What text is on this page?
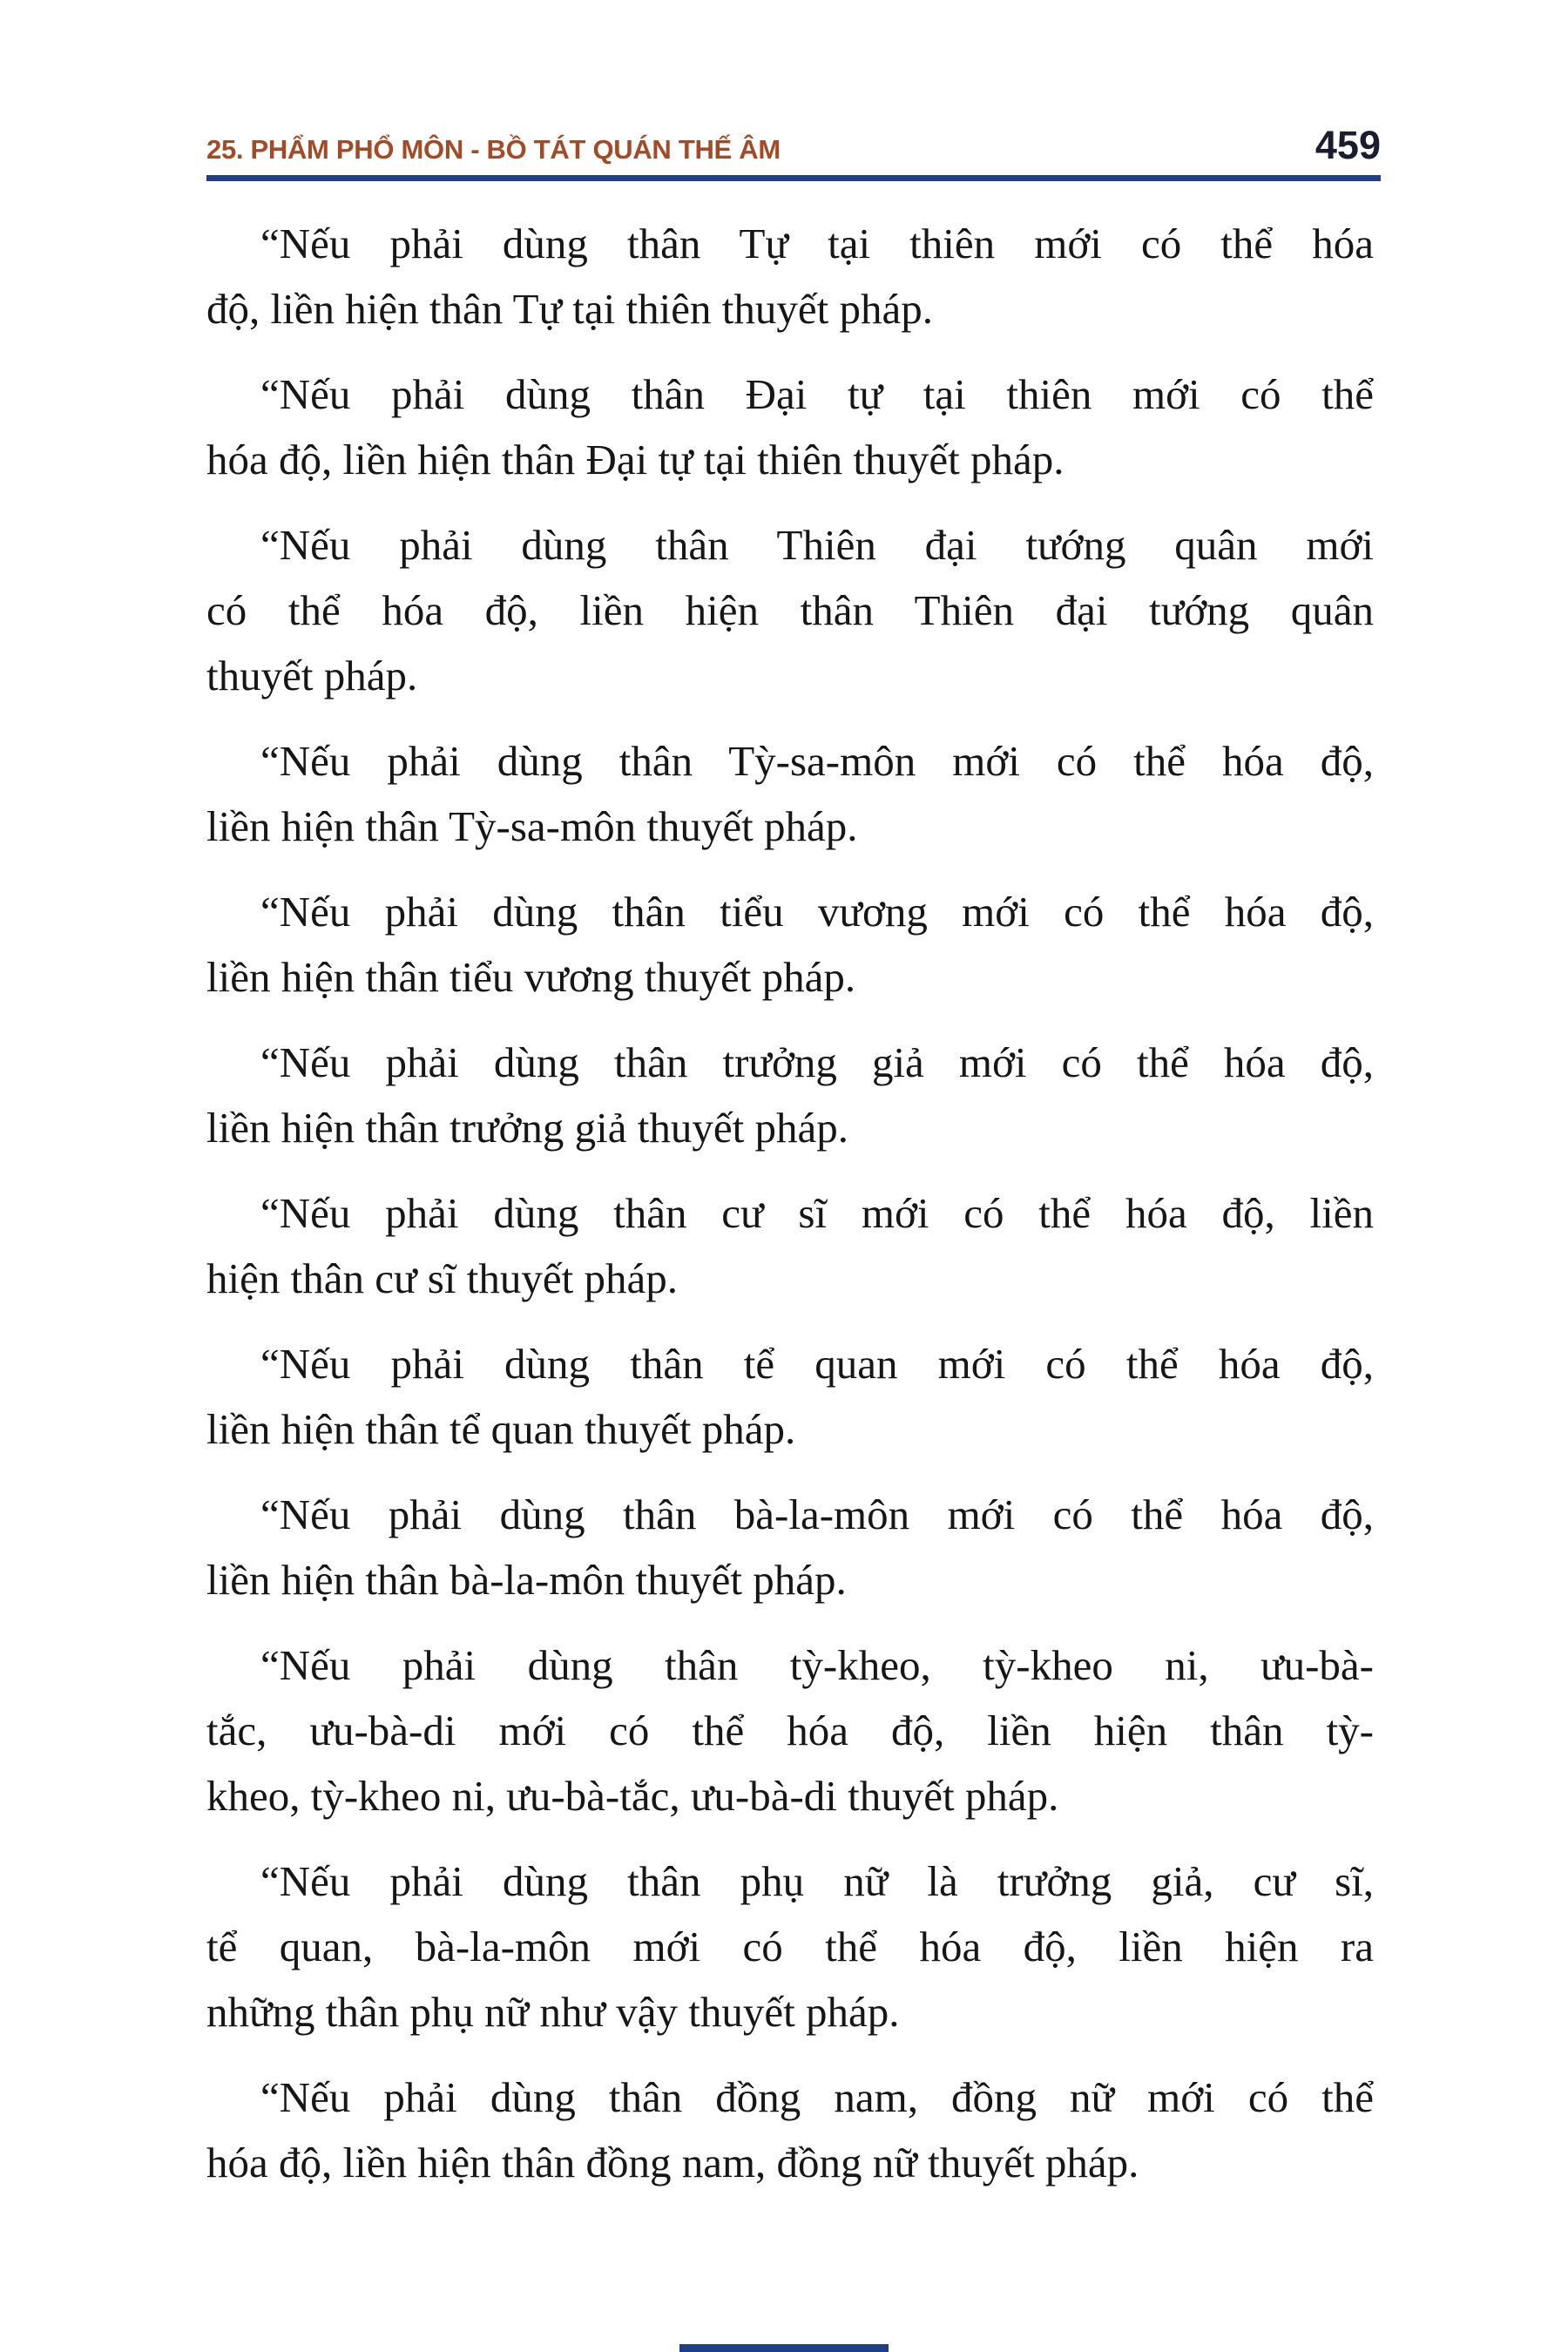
25. PHẨM PHỔ MÔN - BỒ TÁT QUÁN THẾ ÂM	459

“Nếu phải dùng thân Tự tại thiên mới có thể hóa
độ, liền hiện thân Tự tại thiên thuyết pháp.

“Nếu phải dùng thân Đại tự tại thiên mới có thể
hóa độ, liền hiện thân Đại tự tại thiên thuyết pháp.

“Nếu phải dùng thân Thiên đại tướng quân mới
có thể hóa độ, liền hiện thân Thiên đại tướng quân
thuyết pháp.

“Nếu phải dùng thân Tỳ-sa-môn mới có thể hóa độ,
liền hiện thân Tỳ-sa-môn thuyết pháp.

“Nếu phải dùng thân tiểu vương mới có thể hóa độ,
liền hiện thân tiểu vương thuyết pháp.

“Nếu phải dùng thân trưởng giả mới có thể hóa độ,
liền hiện thân trưởng giả thuyết pháp.

“Nếu phải dùng thân cư sĩ mới có thể hóa độ, liền
hiện thân cư sĩ thuyết pháp.

“Nếu phải dùng thân tể quan mới có thể hóa độ,
liền hiện thân tể quan thuyết pháp.

“Nếu phải dùng thân bà-la-môn mới có thể hóa độ,
liền hiện thân bà-la-môn thuyết pháp.

“Nếu phải dùng thân tỳ-kheo, tỳ-kheo ni, ưu-bà-
tắc, ưu-bà-di mới có thể hóa độ, liền hiện thân tỳ-
kheo, tỳ-kheo ni, ưu-bà-tắc, ưu-bà-di thuyết pháp.

“Nếu phải dùng thân phụ nữ là trưởng giả, cư sĩ,
tể quan, bà-la-môn mới có thể hóa độ, liền hiện ra
những thân phụ nữ như vậy thuyết pháp.

“Nếu phải dùng thân đồng nam, đồng nữ mới có thể
hóa độ, liền hiện thân đồng nam, đồng nữ thuyết pháp.
